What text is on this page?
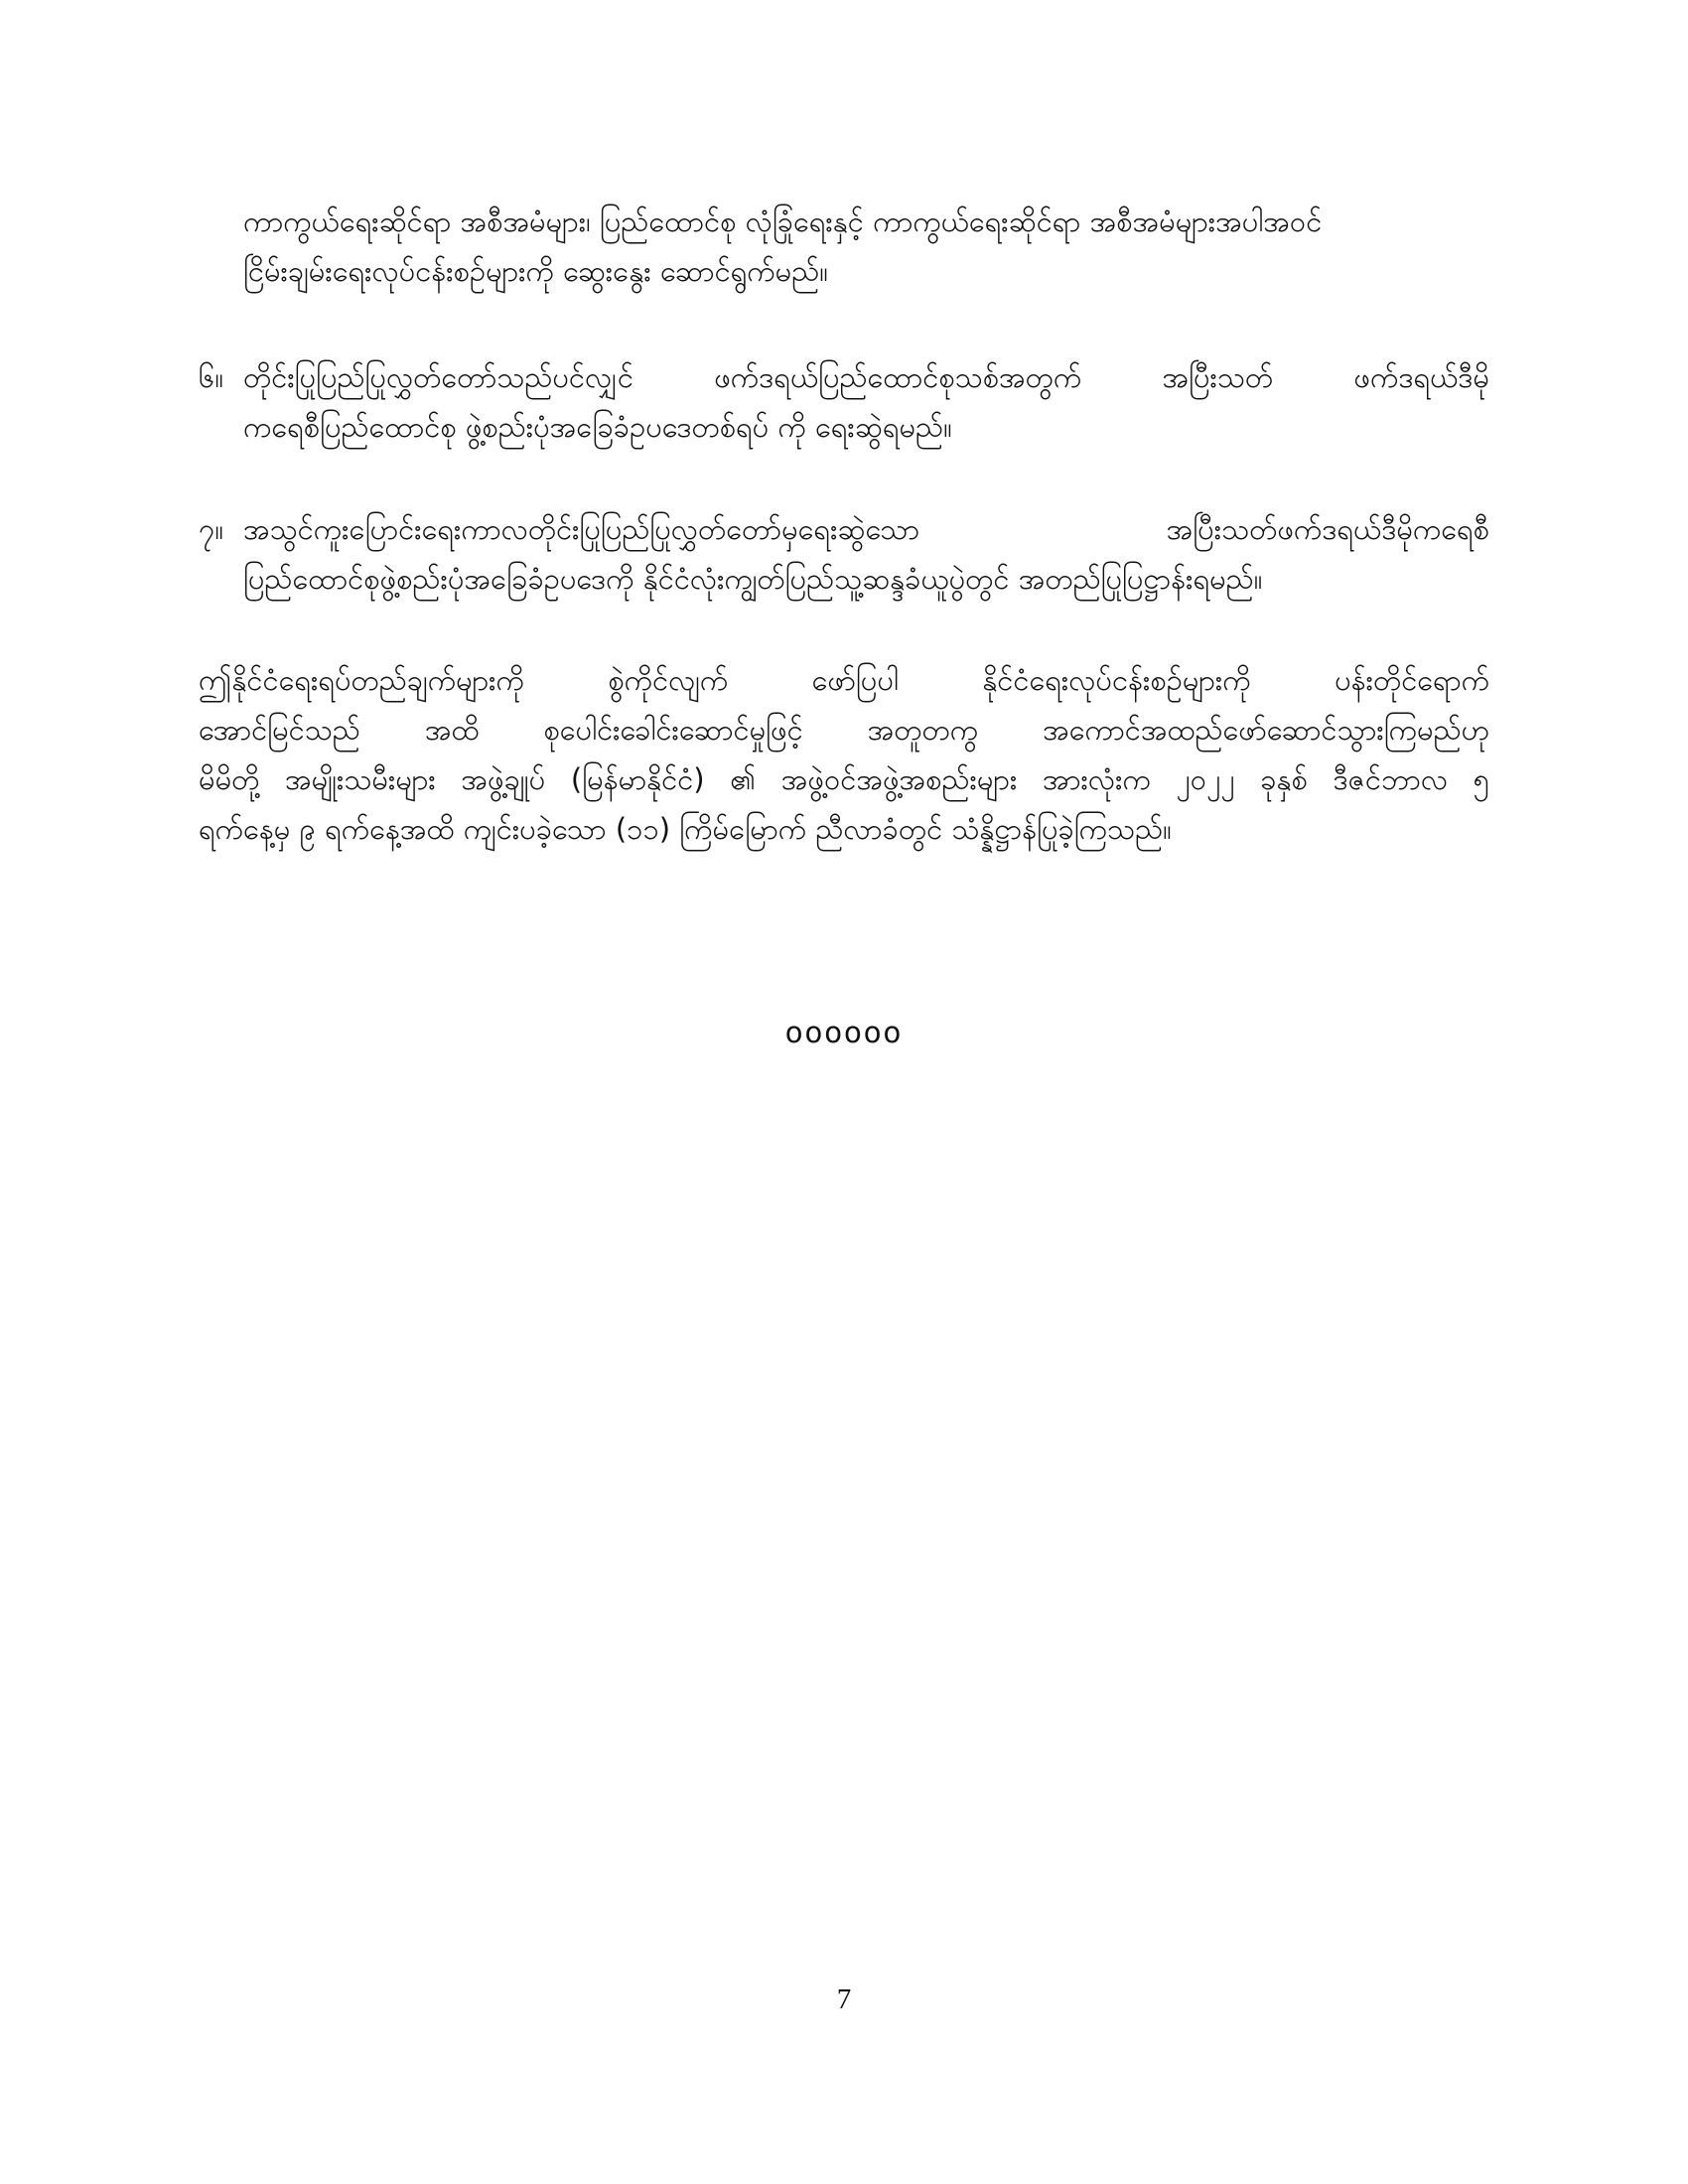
ကာကွယ်ရေးဆိုင်ရာ အစီအမံများ၊ ပြည်ထောင်စု လုံခြုံရေးနှင့် ကာကွယ်ရေးဆိုင်ရာ အစီအမံများအပါအဝင်
ငြိမ်းချမ်းရေးလုပ်ငန်းစဉ်များကို ဆွေးနွေး ဆောင်ရွက်မည်။
၆။ တိုင်းပြုပြည်ပြုလွှတ်တော်သည်ပင်လျှင် ဖက်ဒရယ်ပြည်ထောင်စုသစ်အတွက် အပြီးသတ် ဖက်ဒရယ်ဒီမို
ကရေစီပြည်ထောင်စု ဖွဲ့စည်းပုံအခြေခံဥပဒေတစ်ရပ် ကို ရေးဆွဲရမည်။
၇။ အသွင်ကူးပြောင်းရေးကာလတိုင်းပြုပြည်ပြုလွှတ်တော်မှရေးဆွဲသော အပြီးသတ်ဖက်ဒရယ်ဒီမိုကရေစီ
ပြည်ထောင်စုဖွဲ့စည်းပုံအခြေခံဥပဒေကို နိုင်ငံလုံးကျွတ်ပြည်သူ့ဆန္ဒခံယူပွဲတွင် အတည်ပြုပြဋ္ဌာန်းရမည်။
ဤနိုင်ငံရေးရပ်တည်ချက်များကို စွဲကိုင်လျက် ဖော်ပြပါ နိုင်ငံရေးလုပ်ငန်းစဉ်များကို ပန်းတိုင်ရောက်
အောင်မြင်သည် အထိ စုပေါင်းခေါင်းဆောင်မှုဖြင့် အတူတကွ အကောင်အထည်ဖော်ဆောင်သွားကြမည်ဟု
မိမိတို့ အမျိုးသမီးများ အဖွဲ့ချုပ် (မြန်မာနိုင်ငံ) ၏ အဖွဲ့ဝင်အဖွဲ့အစည်းများ အားလုံးက ၂၀၂၂ ခုနှစ် ဒီဇင်ဘာလ ၅
ရက်နေ့မှ ၉ ရက်နေ့အထိ ကျင်းပခဲ့သော (၁၁) ကြိမ်မြောက် ညီလာခံတွင် သံန္နိဋ္ဌာန်ပြုခဲ့ကြသည်။
oooooo
7
